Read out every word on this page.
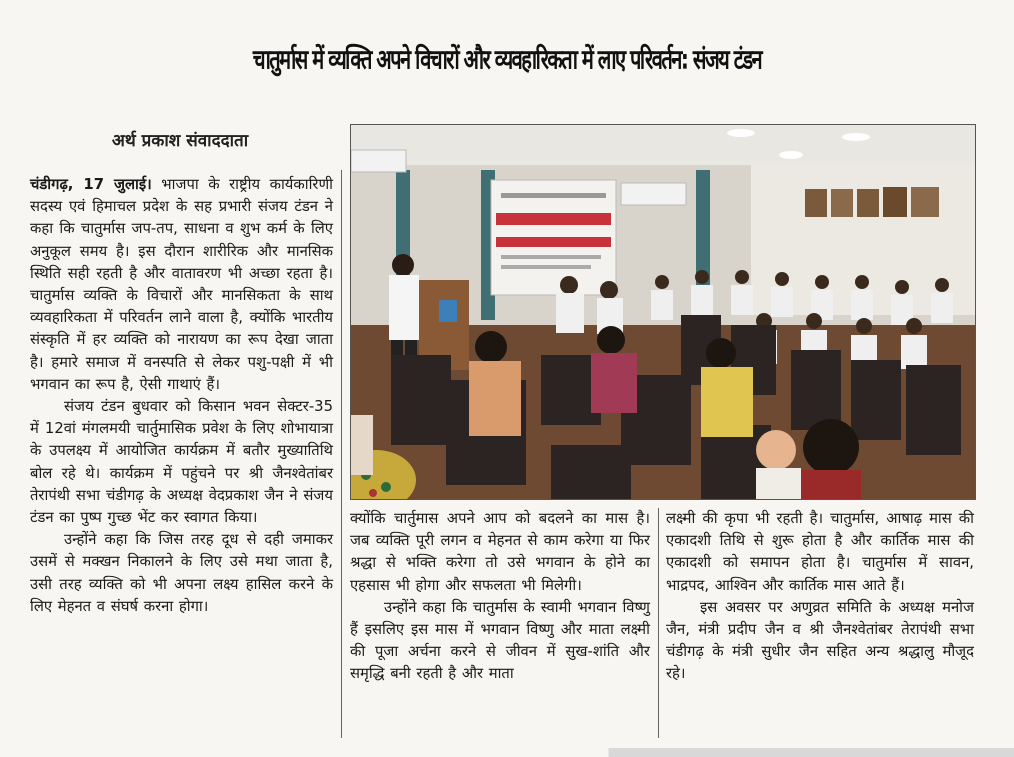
चातुर्मास में व्यक्ति अपने विचारों और व्यवहारिकता में लाए परिवर्तन: संजय टंडन
अर्थ प्रकाश संवाददाता

चंडीगढ़, 17 जुलाई। भाजपा के राष्ट्रीय कार्यकारिणी सदस्य एवं हिमाचल प्रदेश के सह प्रभारी संजय टंडन ने कहा कि चातुर्मास जप-तप, साधना व शुभ कर्म के लिए अनुकूल समय है। इस दौरान शारीरिक और मानसिक स्थिति सही रहती है और वातावरण भी अच्छा रहता है। चातुर्मास व्यक्ति के विचारों और मानसिकता के साथ व्यवहारिकता में परिवर्तन लाने वाला है, क्योंकि भारतीय संस्कृति में हर व्यक्ति को नारायण का रूप देखा जाता है। हमारे समाज में वनस्पति से लेकर पशु-पक्षी में भी भगवान का रूप है, ऐसी गाथाएं हैं।

संजय टंडन बुधवार को किसान भवन सेक्टर-35 में 12वां मंगलमयी चार्तुमासिक प्रवेश के लिए शोभायात्रा के उपलक्ष्य में आयोजित कार्यक्रम में बतौर मुख्यातिथि बोल रहे थे। कार्यक्रम में पहुंचने पर श्री जैनश्वेतांबर तेरापंथी सभा चंडीगढ़ के अध्यक्ष वेदप्रकाश जैन ने संजय टंडन का पुष्प गुच्छ भेंट कर स्वागत किया।

उन्होंने कहा कि जिस तरह दूध से दही जमाकर उसमें से मक्खन निकालने के लिए उसे मथा जाता है, उसी तरह व्यक्ति को भी अपना लक्ष्य हासिल करने के लिए मेहनत व संघर्ष करना होगा।

क्योंकि चार्तुमास अपने आप को बदलने का मास है। जब व्यक्ति पूरी लगन व मेहनत से काम करेगा या फिर श्रद्धा से भक्ति करेगा तो उसे भगवान के होने का एहसास भी होगा और सफलता भी मिलेगी।

उन्होंने कहा कि चातुर्मास के स्वामी भगवान विष्णु हैं इसलिए इस मास में भगवान विष्णु और माता लक्ष्मी की पूजा अर्चना करने से जीवन में सुख-शांति और समृद्धि बनी रहती है और माता

लक्ष्मी की कृपा भी रहती है। चातुर्मास, आषाढ़ मास की एकादशी तिथि से शुरू होता है और कार्तिक मास की एकादशी को समापन होता है। चातुर्मास में सावन, भाद्रपद, आश्विन और कार्तिक मास आते हैं।

इस अवसर पर अणुव्रत समिति के अध्यक्ष मनोज जैन, मंत्री प्रदीप जैन व श्री जैनश्वेतांबर तेरापंथी सभा चंडीगढ़ के मंत्री सुधीर जैन सहित अन्य श्रद्धालु मौजूद रहे।
